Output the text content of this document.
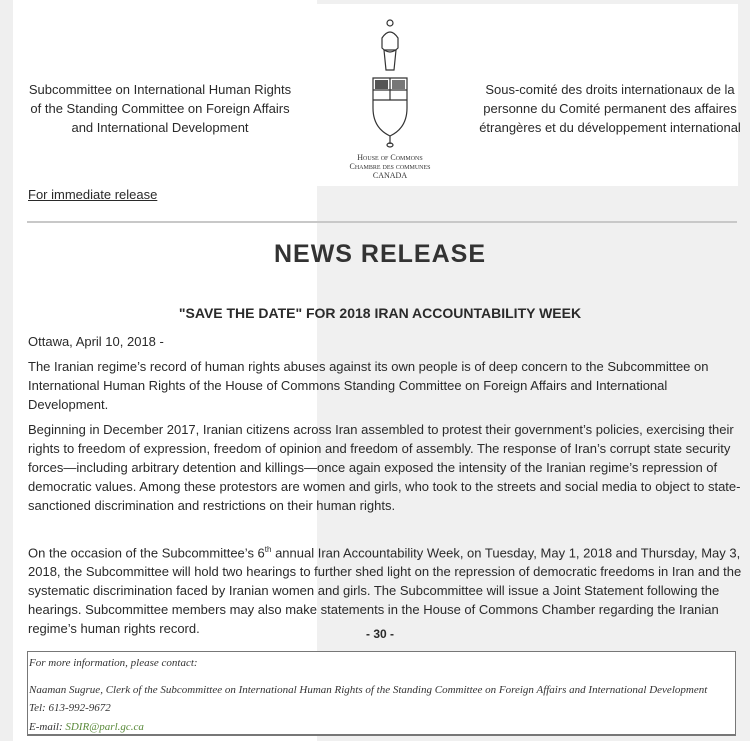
Subcommittee on International Human Rights
of the Standing Committee on Foreign Affairs
and International Development
House of Commons
Chambre des communes
CANADA
Sous-comité des droits internationaux de la
personne du Comité permanent des affaires
étrangères et du développement international
For immediate release
NEWS RELEASE
"SAVE THE DATE" FOR 2018 IRAN ACCOUNTABILITY WEEK
Ottawa, April 10, 2018 -
The Iranian regime’s record of human rights abuses against its own people is of deep concern to the Subcommittee on International Human Rights of the House of Commons Standing Committee on Foreign Affairs and International Development.
Beginning in December 2017, Iranian citizens across Iran assembled to protest their government’s policies, exercising their rights to freedom of expression, freedom of opinion and freedom of assembly. The response of Iran’s corrupt state security forces—including arbitrary detention and killings—once again exposed the intensity of the Iranian regime’s repression of democratic values. Among these protestors are women and girls, who took to the streets and social media to object to state-sanctioned discrimination and restrictions on their human rights.
On the occasion of the Subcommittee’s 6th annual Iran Accountability Week, on Tuesday, May 1, 2018 and Thursday, May 3, 2018, the Subcommittee will hold two hearings to further shed light on the repression of democratic freedoms in Iran and the systematic discrimination faced by Iranian women and girls. The Subcommittee will issue a Joint Statement following the hearings. Subcommittee members may also make statements in the House of Commons Chamber regarding the Iranian regime’s human rights record.	- 30 -
For more information, please contact:
Naaman Sugrue, Clerk of the Subcommittee on International Human Rights of the Standing Committee on Foreign Affairs and International Development
Tel: 613-992-9672
E-mail: SDIR@parl.gc.ca
